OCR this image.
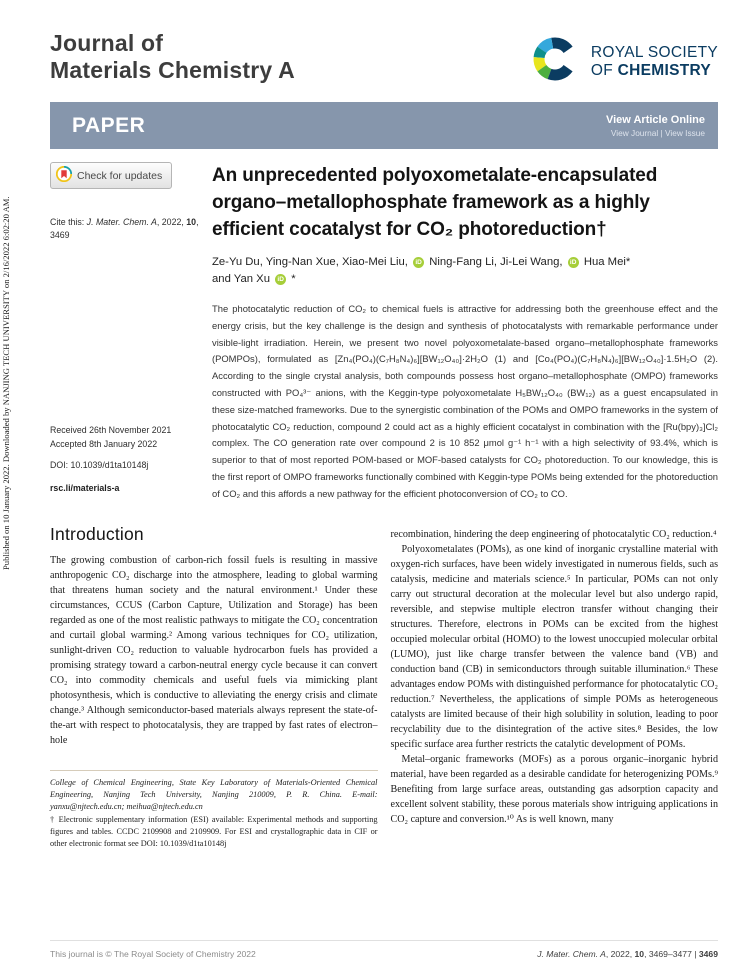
Published on 10 January 2022. Downloaded by NANJING TECH UNIVERSITY on 2/16/2022 6:02:20 AM.
Journal of
Materials Chemistry A
ROYAL SOCIETY
OF CHEMISTRY
PAPER	View Article Online
View Journal | View Issue
Check for updates
Cite this: J. Mater. Chem. A, 2022, 10, 3469
Received 26th November 2021
Accepted 8th January 2022
DOI: 10.1039/d1ta10148j
rsc.li/materials-a
An unprecedented polyoxometalate-encapsulated organo–metallophosphate framework as a highly efficient cocatalyst for CO₂ photoreduction†
Ze-Yu Du, Ying-Nan Xue, Xiao-Mei Liu, iD Ning-Fang Li, Ji-Lei Wang, iD Hua Mei*
and Yan Xu iD *
The photocatalytic reduction of CO₂ to chemical fuels is attractive for addressing both the greenhouse effect and the energy crisis, but the key challenge is the design and synthesis of photocatalysts with remarkable performance under visible-light irradiation. Herein, we present two novel polyoxometalate-based organo–metallophosphate frameworks (POMPOs), formulated as [Zn₄(PO₄)(C₇H₈N₄)₆][BW₁₂O₄₀]·2H₂O (1) and [Co₄(PO₄)(C₇H₈N₄)₆][BW₁₂O₄₀]·1.5H₂O (2). According to the single crystal analysis, both compounds possess host organo–metallophosphate (OMPO) frameworks constructed with PO₄³⁻ anions, with the Keggin-type polyoxometalate H₅BW₁₂O₄₀ (BW₁₂) as a guest encapsulated in these size-matched frameworks. Due to the synergistic combination of the POMs and OMPO frameworks in the system of photocatalytic CO₂ reduction, compound 2 could act as a highly efficient cocatalyst in combination with the [Ru(bpy)₃]Cl₂ complex. The CO generation rate over compound 2 is 10 852 μmol g⁻¹ h⁻¹ with a high selectivity of 93.4%, which is superior to that of most reported POM-based or MOF-based catalysts for CO₂ photoreduction. To our knowledge, this is the first report of OMPO frameworks functionally combined with Keggin-type POMs being extended for the photoreduction of CO₂ and this affords a new pathway for the efficient photoconversion of CO₂ to CO.
Introduction

The growing combustion of carbon-rich fossil fuels is resulting in massive anthropogenic CO₂ discharge into the atmosphere, leading to global warming that threatens human society and the natural environment.¹ Under these circumstances, CCUS (Carbon Capture, Utilization and Storage) has been regarded as one of the most realistic pathways to mitigate the CO₂ concentration and curtail global warming.² Among various techniques for CO₂ utilization, sunlight-driven CO₂ reduction to valuable hydrocarbon fuels has provided a promising strategy toward a carbon-neutral energy cycle because it can convert CO₂ into commodity chemicals and useful fuels via mimicking plant photosynthesis, which is conductive to alleviating the energy crisis and climate change.³ Although semiconductor-based materials always represent the state-of-the-art with respect to photocatalysis, they are trapped by fast rates of electron–hole

College of Chemical Engineering, State Key Laboratory of Materials-Oriented Chemical Engineering, Nanjing Tech University, Nanjing 210009, P. R. China. E-mail: yanxu@njtech.edu.cn; meihua@njtech.edu.cn
† Electronic supplementary information (ESI) available: Experimental methods and supporting figures and tables. CCDC 2109908 and 2109909. For ESI and crystallographic data in CIF or other electronic format see DOI: 10.1039/d1ta10148j

recombination, hindering the deep engineering of photocatalytic CO₂ reduction.⁴

Polyoxometalates (POMs), as one kind of inorganic crystalline material with oxygen-rich surfaces, have been widely investigated in numerous fields, such as catalysis, medicine and materials science.⁵ In particular, POMs can not only carry out structural decoration at the molecular level but also undergo rapid, reversible, and stepwise multiple electron transfer without changing their structures. Therefore, electrons in POMs can be excited from the highest occupied molecular orbital (HOMO) to the lowest unoccupied molecular orbital (LUMO), just like charge transfer between the valence band (VB) and conduction band (CB) in semiconductors through suitable illumination.⁶ These advantages endow POMs with distinguished performance for photocatalytic CO₂ reduction.⁷ Nevertheless, the applications of simple POMs as heterogeneous catalysts are limited because of their high solubility in solution, leading to poor recyclability due to the disintegration of the active sites.⁸ Besides, the low specific surface area further restricts the catalytic development of POMs.

Metal–organic frameworks (MOFs) as a porous organic–inorganic hybrid material, have been regarded as a desirable candidate for heterogenizing POMs.⁹ Benefiting from large surface areas, outstanding gas adsorption capacity and excellent solvent stability, these porous materials show intriguing applications in CO₂ capture and conversion.¹⁰ As is well known, many

This journal is © The Royal Society of Chemistry 2022	J. Mater. Chem. A, 2022, 10, 3469–3477 | 3469
